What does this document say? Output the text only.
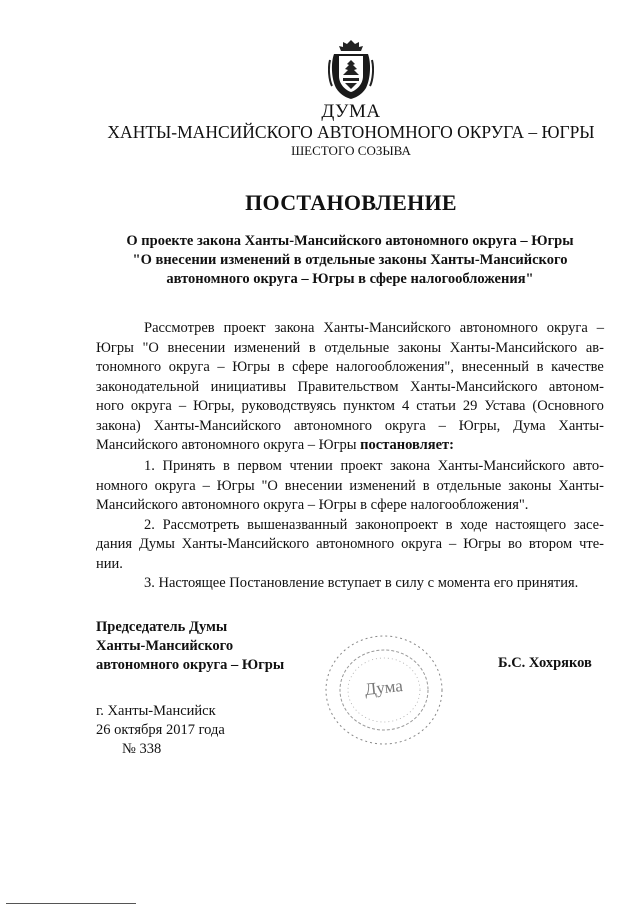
ДУМА
ХАНТЫ-МАНСИЙСКОГО АВТОНОМНОГО ОКРУГА – ЮГРЫ
ШЕСТОГО СОЗЫВА
ПОСТАНОВЛЕНИЕ
О проекте закона Ханты-Мансийского автономного округа – Югры
"О внесении изменений в отдельные законы Ханты-Мансийского
автономного округа – Югры в сфере налогообложения"
Рассмотрев проект закона Ханты-Мансийского автономного округа –
Югры "О внесении изменений в отдельные законы Ханты-Мансийского ав-
тономного округа – Югры в сфере налогообложения", внесенный в качестве
законодательной инициативы Правительством Ханты-Мансийского автоном-
ного округа – Югры, руководствуясь пунктом 4 статьи 29 Устава (Основного
закона) Ханты-Мансийского автономного округа – Югры, Дума Ханты-
Мансийского автономного округа – Югры постановляет:
1. Принять в первом чтении проект закона Ханты-Мансийского авто-
номного округа – Югры "О внесении изменений в отдельные законы Ханты-
Мансийского автономного округа – Югры в сфере налогообложения".
2. Рассмотреть вышеназванный законопроект в ходе настоящего засе-
дания Думы Ханты-Мансийского автономного округа – Югры во втором чте-
нии.
3. Настоящее Постановление вступает в силу с момента его принятия.
Председатель Думы
Ханты-Мансийского
автономного округа – Югры
Дума
Б.С. Хохряков
г. Ханты-Мансийск
26 октября 2017 года
№ 338
